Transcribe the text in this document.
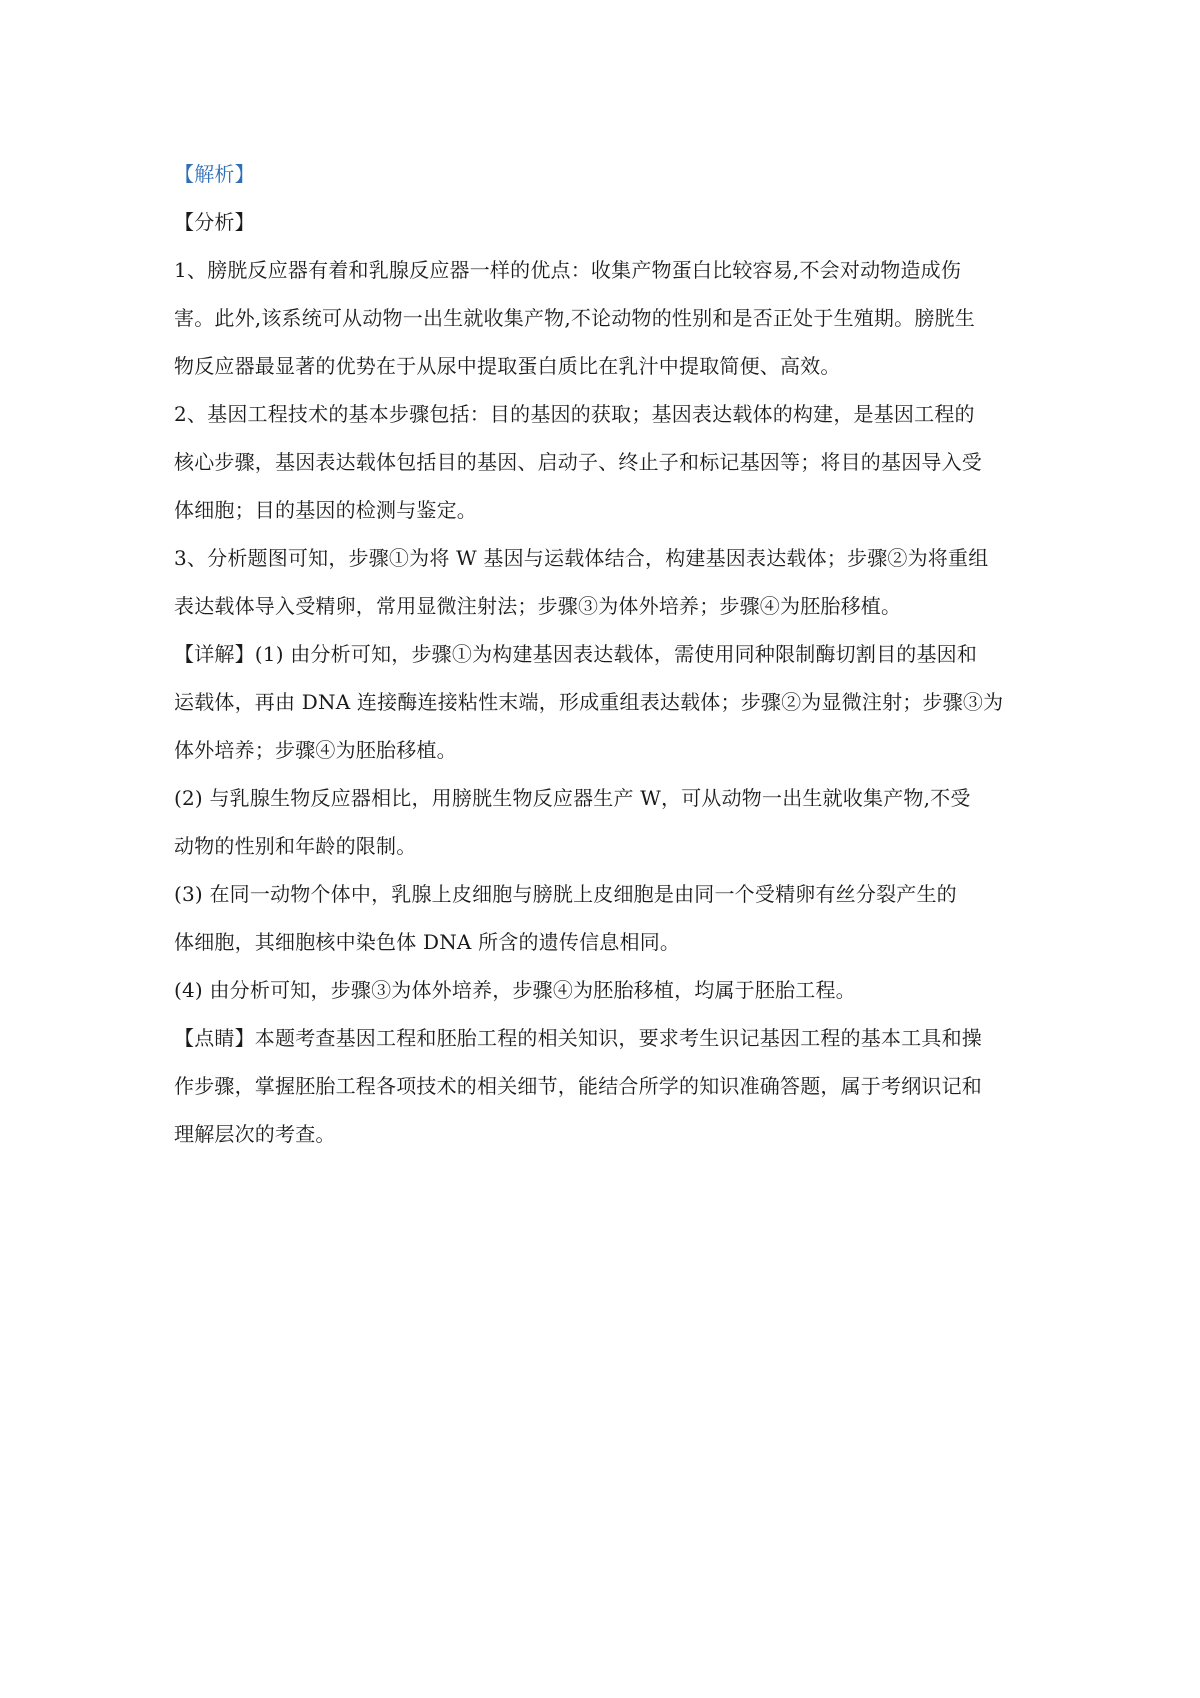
【解析】
【分析】
1、膀胱反应器有着和乳腺反应器一样的优点：收集产物蛋白比较容易,不会对动物造成伤
害。此外,该系统可从动物一出生就收集产物,不论动物的性别和是否正处于生殖期。膀胱生
物反应器最显著的优势在于从尿中提取蛋白质比在乳汁中提取简便、高效。
2、基因工程技术的基本步骤包括：目的基因的获取；基因表达载体的构建，是基因工程的
核心步骤，基因表达载体包括目的基因、启动子、终止子和标记基因等；将目的基因导入受
体细胞；目的基因的检测与鉴定。
3、分析题图可知，步骤①为将 W 基因与运载体结合，构建基因表达载体；步骤②为将重组
表达载体导入受精卵，常用显微注射法；步骤③为体外培养；步骤④为胚胎移植。
【详解】(1) 由分析可知，步骤①为构建基因表达载体，需使用同种限制酶切割目的基因和
运载体，再由 DNA 连接酶连接粘性末端，形成重组表达载体；步骤②为显微注射；步骤③为
体外培养；步骤④为胚胎移植。
(2) 与乳腺生物反应器相比，用膀胱生物反应器生产 W，可从动物一出生就收集产物,不受
动物的性别和年龄的限制。
(3) 在同一动物个体中，乳腺上皮细胞与膀胱上皮细胞是由同一个受精卵有丝分裂产生的
体细胞，其细胞核中染色体 DNA 所含的遗传信息相同。
(4) 由分析可知，步骤③为体外培养，步骤④为胚胎移植，均属于胚胎工程。
【点睛】本题考查基因工程和胚胎工程的相关知识，要求考生识记基因工程的基本工具和操
作步骤，掌握胚胎工程各项技术的相关细节，能结合所学的知识准确答题，属于考纲识记和
理解层次的考查。
